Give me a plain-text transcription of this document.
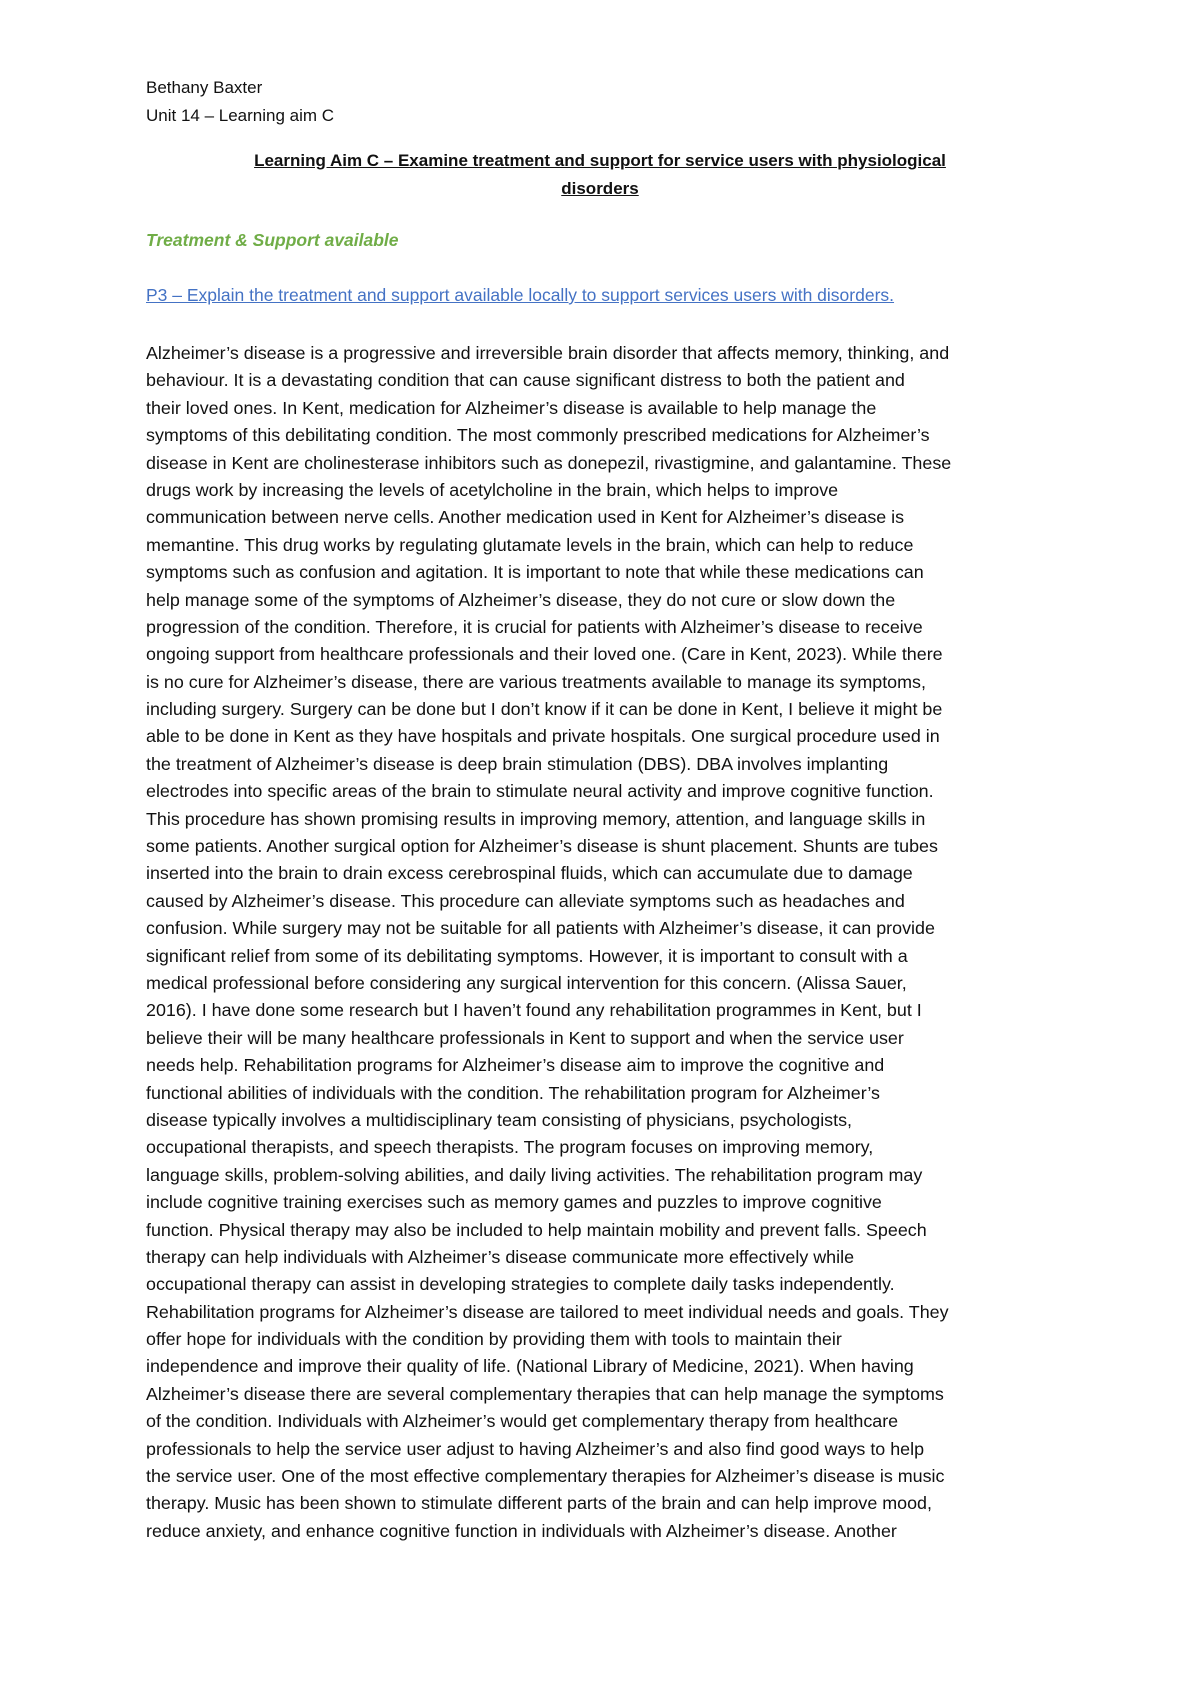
Bethany Baxter
Unit 14 – Learning aim C
Learning Aim C – Examine treatment and support for service users with physiological
disorders
Treatment & Support available
P3 – Explain the treatment and support available locally to support services users with disorders.
Alzheimer’s disease is a progressive and irreversible brain disorder that affects memory, thinking, and
behaviour. It is a devastating condition that can cause significant distress to both the patient and
their loved ones. In Kent, medication for Alzheimer’s disease is available to help manage the
symptoms of this debilitating condition. The most commonly prescribed medications for Alzheimer’s
disease in Kent are cholinesterase inhibitors such as donepezil, rivastigmine, and galantamine. These
drugs work by increasing the levels of acetylcholine in the brain, which helps to improve
communication between nerve cells. Another medication used in Kent for Alzheimer’s disease is
memantine. This drug works by regulating glutamate levels in the brain, which can help to reduce
symptoms such as confusion and agitation. It is important to note that while these medications can
help manage some of the symptoms of Alzheimer’s disease, they do not cure or slow down the
progression of the condition. Therefore, it is crucial for patients with Alzheimer’s disease to receive
ongoing support from healthcare professionals and their loved one. (Care in Kent, 2023). While there
is no cure for Alzheimer’s disease, there are various treatments available to manage its symptoms,
including surgery. Surgery can be done but I don’t know if it can be done in Kent, I believe it might be
able to be done in Kent as they have hospitals and private hospitals. One surgical procedure used in
the treatment of Alzheimer’s disease is deep brain stimulation (DBS). DBA involves implanting
electrodes into specific areas of the brain to stimulate neural activity and improve cognitive function.
This procedure has shown promising results in improving memory, attention, and language skills in
some patients. Another surgical option for Alzheimer’s disease is shunt placement. Shunts are tubes
inserted into the brain to drain excess cerebrospinal fluids, which can accumulate due to damage
caused by Alzheimer’s disease. This procedure can alleviate symptoms such as headaches and
confusion. While surgery may not be suitable for all patients with Alzheimer’s disease, it can provide
significant relief from some of its debilitating symptoms. However, it is important to consult with a
medical professional before considering any surgical intervention for this concern. (Alissa Sauer,
2016). I have done some research but I haven’t found any rehabilitation programmes in Kent, but I
believe their will be many healthcare professionals in Kent to support and when the service user
needs help. Rehabilitation programs for Alzheimer’s disease aim to improve the cognitive and
functional abilities of individuals with the condition. The rehabilitation program for Alzheimer’s
disease typically involves a multidisciplinary team consisting of physicians, psychologists,
occupational therapists, and speech therapists. The program focuses on improving memory,
language skills, problem-solving abilities, and daily living activities. The rehabilitation program may
include cognitive training exercises such as memory games and puzzles to improve cognitive
function. Physical therapy may also be included to help maintain mobility and prevent falls. Speech
therapy can help individuals with Alzheimer’s disease communicate more effectively while
occupational therapy can assist in developing strategies to complete daily tasks independently.
Rehabilitation programs for Alzheimer’s disease are tailored to meet individual needs and goals. They
offer hope for individuals with the condition by providing them with tools to maintain their
independence and improve their quality of life. (National Library of Medicine, 2021). When having
Alzheimer’s disease there are several complementary therapies that can help manage the symptoms
of the condition. Individuals with Alzheimer’s would get complementary therapy from healthcare
professionals to help the service user adjust to having Alzheimer’s and also find good ways to help
the service user. One of the most effective complementary therapies for Alzheimer’s disease is music
therapy. Music has been shown to stimulate different parts of the brain and can help improve mood,
reduce anxiety, and enhance cognitive function in individuals with Alzheimer’s disease. Another
